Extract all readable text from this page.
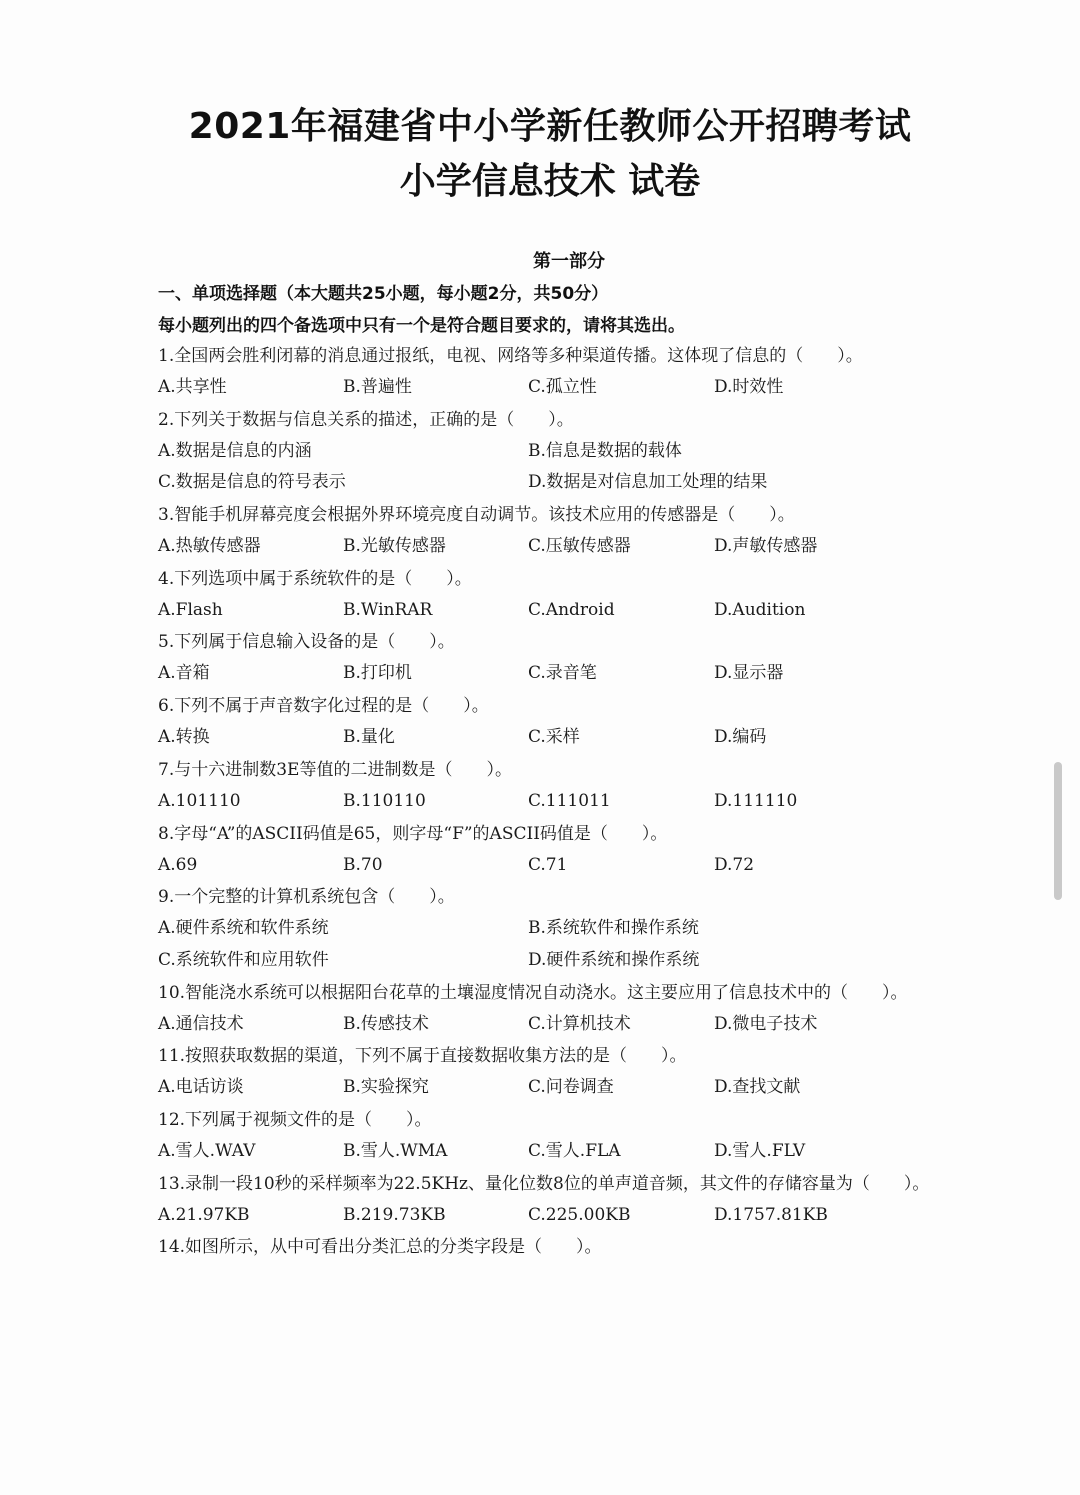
2021年福建省中小学新任教师公开招聘考试
小学信息技术 试卷
第一部分
一、单项选择题（本大题共25小题，每小题2分，共50分）
每小题列出的四个备选项中只有一个是符合题目要求的，请将其选出。
1.全国两会胜利闭幕的消息通过报纸，电视、网络等多种渠道传播。这体现了信息的（　　）。
A.共享性	B.普遍性	C.孤立性	D.时效性
2.下列关于数据与信息关系的描述，正确的是（　　）。
A.数据是信息的内涵	B.信息是数据的载体
C.数据是信息的符号表示	D.数据是对信息加工处理的结果
3.智能手机屏幕亮度会根据外界环境亮度自动调节。该技术应用的传感器是（　　）。
A.热敏传感器	B.光敏传感器	C.压敏传感器	D.声敏传感器
4.下列选项中属于系统软件的是（　　）。
A.Flash	B.WinRAR	C.Android	D.Audition
5.下列属于信息输入设备的是（　　）。
A.音箱	B.打印机	C.录音笔	D.显示器
6.下列不属于声音数字化过程的是（　　）。
A.转换	B.量化	C.采样	D.编码
7.与十六进制数3E等值的二进制数是（　　）。
A.101110	B.110110	C.111011	D.111110
8.字母“A”的ASCII码值是65，则字母“F”的ASCII码值是（　　）。
A.69	B.70	C.71	D.72
9.一个完整的计算机系统包含（　　）。
A.硬件系统和软件系统	B.系统软件和操作系统
C.系统软件和应用软件	D.硬件系统和操作系统
10.智能浇水系统可以根据阳台花草的土壤湿度情况自动浇水。这主要应用了信息技术中的（　　）。
A.通信技术	B.传感技术	C.计算机技术	D.微电子技术
11.按照获取数据的渠道，下列不属于直接数据收集方法的是（　　）。
A.电话访谈	B.实验探究	C.问卷调查	D.查找文献
12.下列属于视频文件的是（　　）。
A.雪人.WAV	B.雪人.WMA	C.雪人.FLA	D.雪人.FLV
13.录制一段10秒的采样频率为22.5KHz、量化位数8位的单声道音频，其文件的存储容量为（　　）。
A.21.97KB	B.219.73KB	C.225.00KB	D.1757.81KB
14.如图所示，从中可看出分类汇总的分类字段是（　　）。
